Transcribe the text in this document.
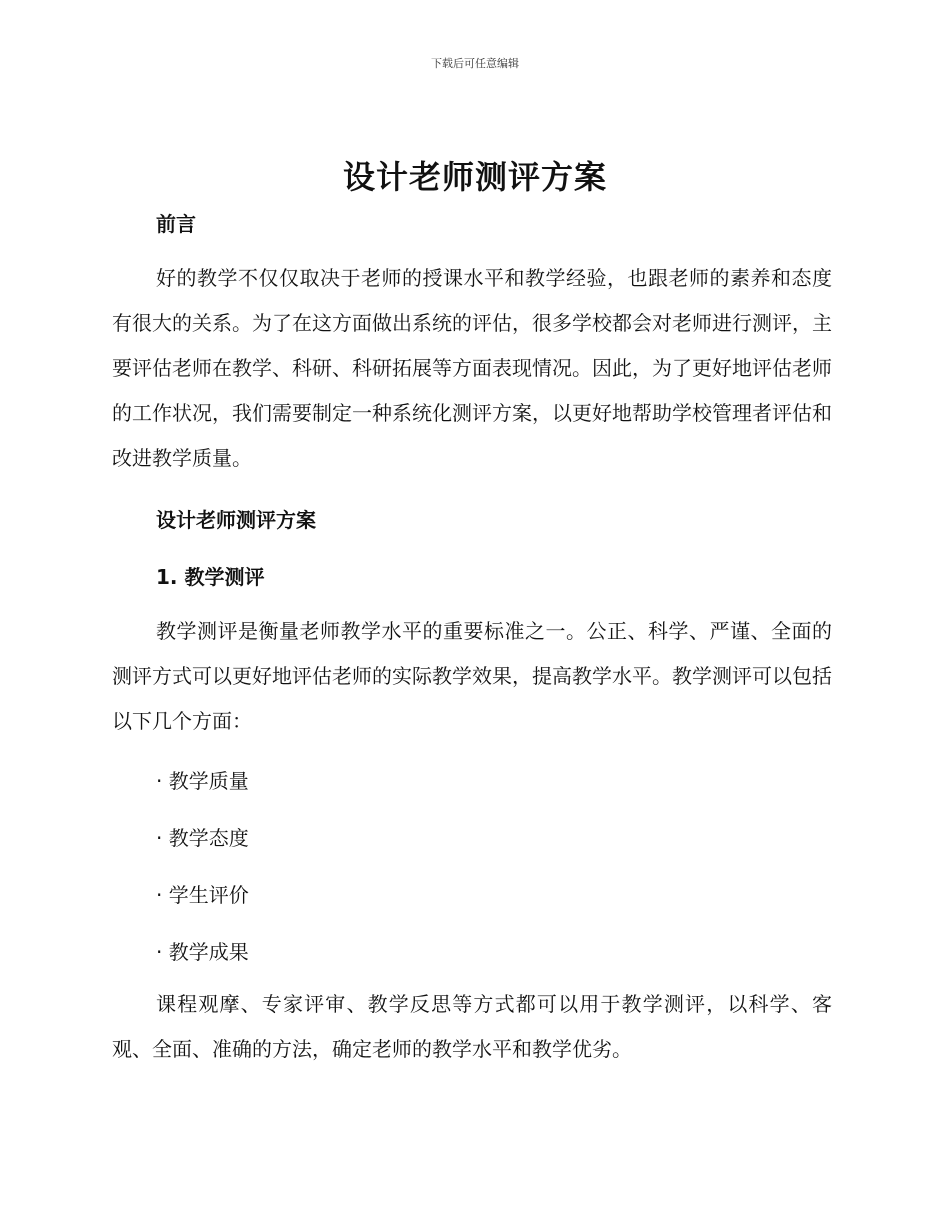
下载后可任意编辑
设计老师测评方案
前言
好的教学不仅仅取决于老师的授课水平和教学经验，也跟老师的素养和态度有很大的关系。为了在这方面做出系统的评估，很多学校都会对老师进行测评，主要评估老师在教学、科研、科研拓展等方面表现情况。因此，为了更好地评估老师的工作状况，我们需要制定一种系统化测评方案，以更好地帮助学校管理者评估和改进教学质量。
设计老师测评方案
1. 教学测评
教学测评是衡量老师教学水平的重要标准之一。公正、科学、严谨、全面的测评方式可以更好地评估老师的实际教学效果，提高教学水平。教学测评可以包括以下几个方面：
· 教学质量
· 教学态度
· 学生评价
· 教学成果
课程观摩、专家评审、教学反思等方式都可以用于教学测评，以科学、客观、全面、准确的方法，确定老师的教学水平和教学优劣。
